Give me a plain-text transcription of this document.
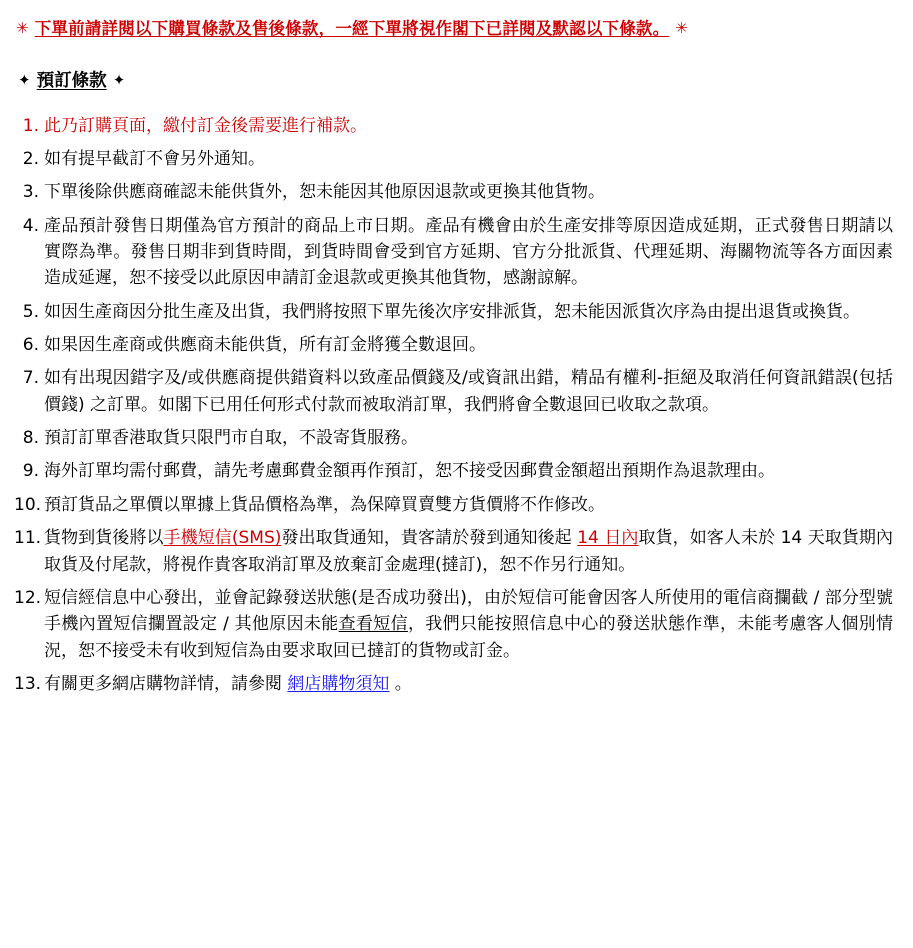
✳ 下單前請詳閱以下購買條款及售後條款，一經下單將視作閣下已詳閱及默認以下條款。 ✳
✦ 預訂條款 ✦
1. 此乃訂購頁面，繳付訂金後需要進行補款。
2. 如有提早截訂不會另外通知。
3. 下單後除供應商確認未能供貨外，恕未能因其他原因退款或更換其他貨物。
4. 產品預計發售日期僅為官方預計的商品上市日期。產品有機會由於生產安排等原因造成延期，正式發售日期請以實際為準。發售日期非到貨時間，到貨時間會受到官方延期、官方分批派貨、代理延期、海關物流等各方面因素造成延遲，恕不接受以此原因申請訂金退款或更換其他貨物，感謝諒解。
5. 如因生產商因分批生產及出貨，我們將按照下單先後次序安排派貨，恕未能因派貨次序為由提出退貨或換貨。
6. 如果因生產商或供應商未能供貨，所有訂金將獲全數退回。
7. 如有出現因錯字及/或供應商提供錯資料以致產品價錢及/或資訊出錯，精品有權利-拒絕及取消任何資訊錯誤(包括價錢) 之訂單。如閣下已用任何形式付款而被取消訂單，我們將會全數退回已收取之款項。
8. 預訂訂單香港取貨只限門市自取，不設寄貨服務。
9. 海外訂單均需付郵費，請先考慮郵費金額再作預訂，恕不接受因郵費金額超出預期作為退款理由。
10. 預訂貨品之單價以單據上貨品價格為準，為保障買賣雙方貨價將不作修改。
11. 貨物到貨後將以手機短信(SMS)發出取貨通知，貴客請於發到通知後起 14 日內取貨，如客人未於 14 天取貨期內取貨及付尾款，將視作貴客取消訂單及放棄訂金處理(撻訂)，恕不作另行通知。
12. 短信經信息中心發出，並會記錄發送狀態(是否成功發出)，由於短信可能會因客人所使用的電信商攔截 / 部分型號手機內置短信攔置設定 / 其他原因未能查看短信，我們只能按照信息中心的發送狀態作準，未能考慮客人個別情況，恕不接受未有收到短信為由要求取回已撻訂的貨物或訂金。
13. 有關更多網店購物詳情，請參閱 網店購物須知 。
